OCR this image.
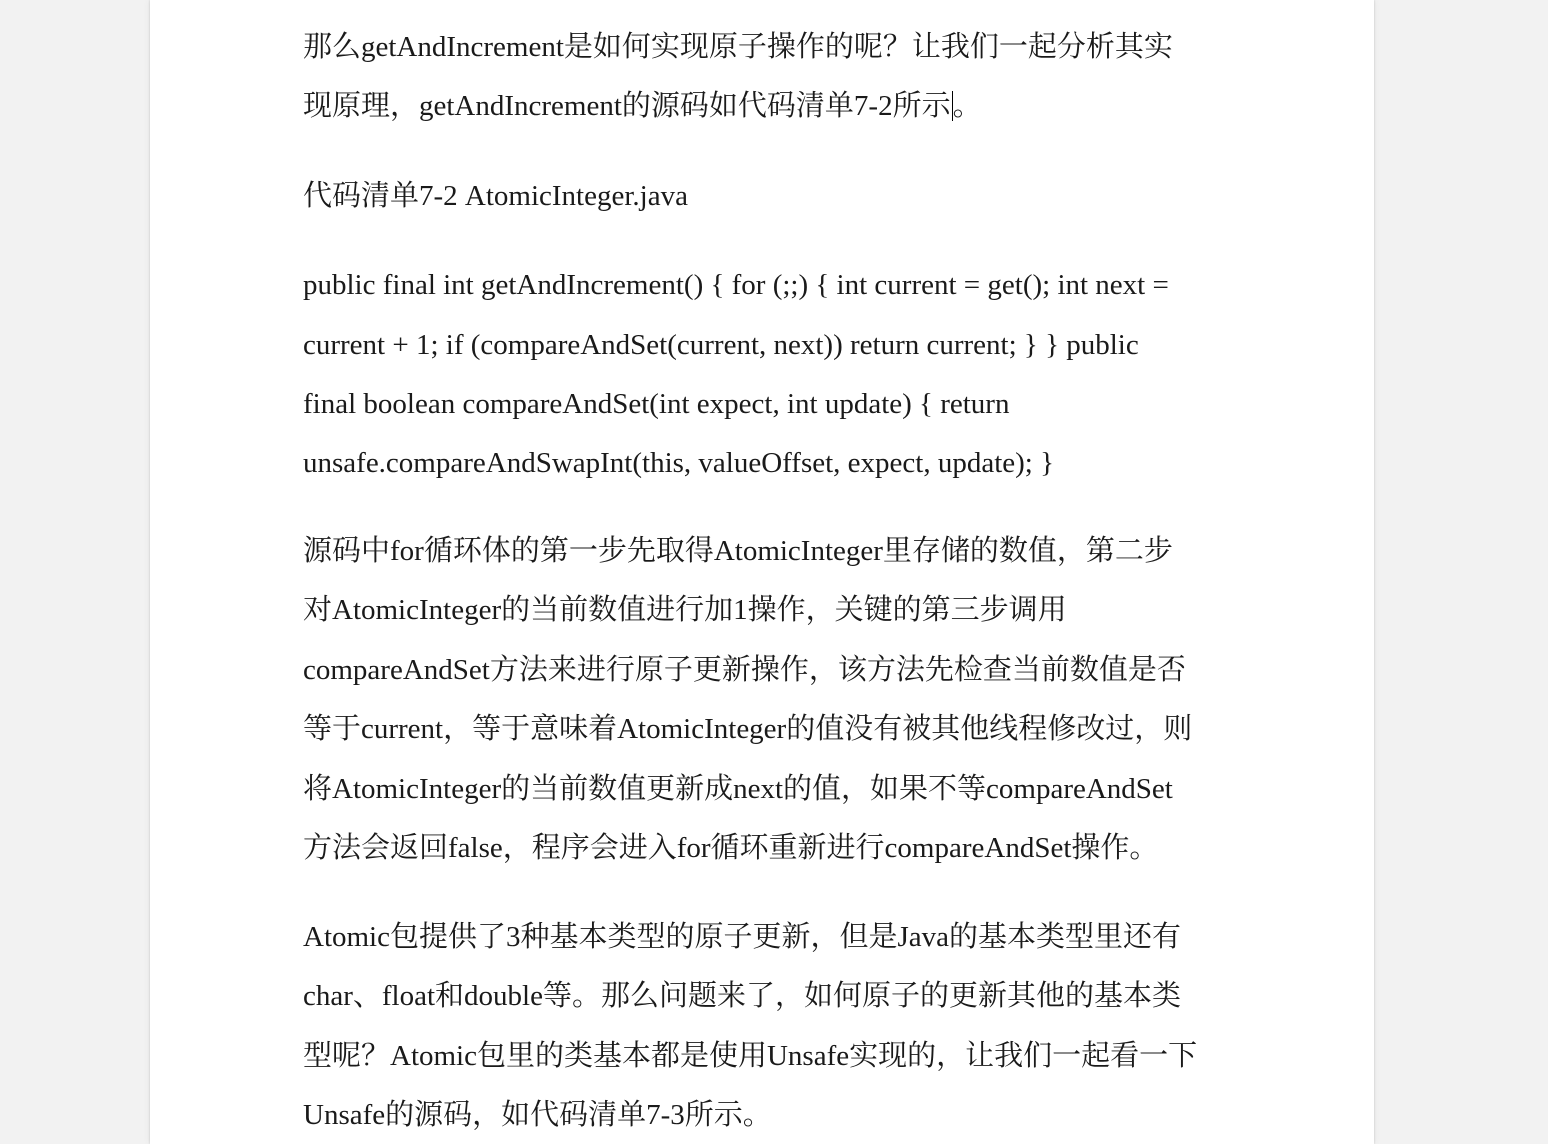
那么getAndIncrement是如何实现原子操作的呢？让我们一起分析其实
现原理，getAndIncrement的源码如代码清单7-2所示。
代码清单7-2 AtomicInteger.java
public final int getAndIncrement() { for (;;) { int current = get(); int next =
current + 1; if (compareAndSet(current, next)) return current; } } public
final boolean compareAndSet(int expect, int update) { return
unsafe.compareAndSwapInt(this, valueOffset, expect, update); }
源码中for循环体的第一步先取得AtomicInteger里存储的数值，第二步
对AtomicInteger的当前数值进行加1操作，关键的第三步调用
compareAndSet方法来进行原子更新操作，该方法先检查当前数值是否
等于current，等于意味着AtomicInteger的值没有被其他线程修改过，则
将AtomicInteger的当前数值更新成next的值，如果不等compareAndSet
方法会返回false，程序会进入for循环重新进行compareAndSet操作。
Atomic包提供了3种基本类型的原子更新，但是Java的基本类型里还有
char、float和double等。那么问题来了，如何原子的更新其他的基本类
型呢？Atomic包里的类基本都是使用Unsafe实现的，让我们一起看一下
Unsafe的源码，如代码清单7-3所示。
